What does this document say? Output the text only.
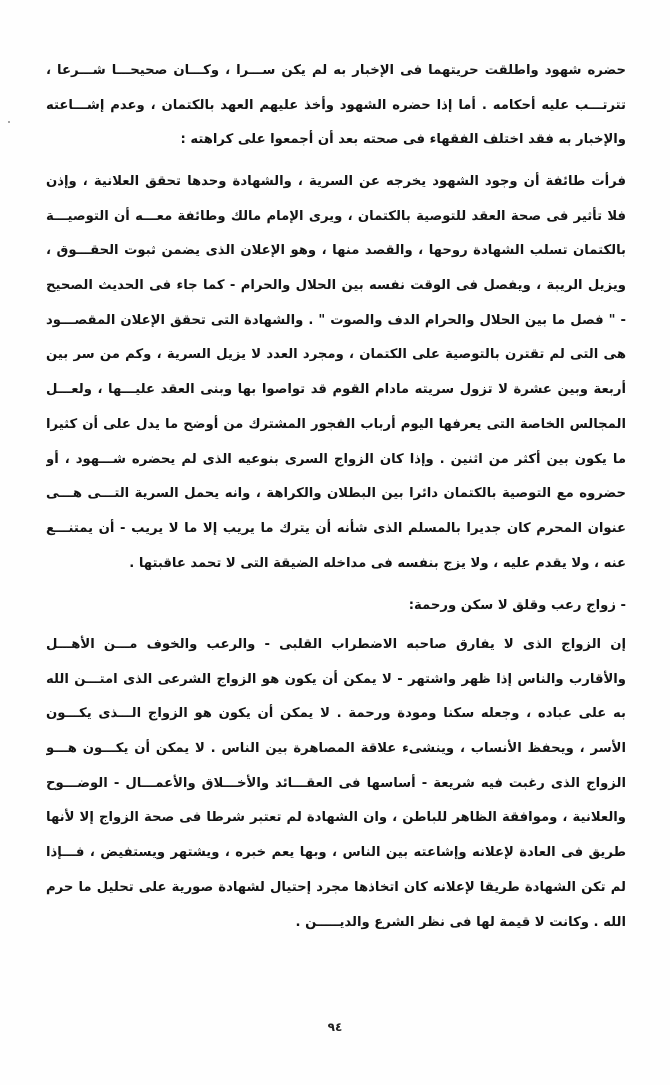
حضره شهود واطلقت حريتهما فى الإخبار به لم يكن ســـرا ، وكـــان صحيحـــا شـــرعا ،
تترتـــب عليه أحكامه . أما إذا حضره الشهود وأخذ عليهم العهد بالكتمان ، وعدم إشـــاعته
والإخبار به فقد اختلف الفقهاء فى صحته بعد أن أجمعوا على كراهته :
فرأت طائفة أن وجود الشهود يخرجه عن السرية ، والشهادة وحدها تحقق العلانية ، وإذن
فلا تأثير فى صحة العقد للتوصية بالكتمان ، ويرى الإمام مالك وطائفة معـــه أن التوصيـــة
بالكتمان تسلب الشهادة روحها ، والقصد منها ، وهو الإعلان الذى يضمن ثبوت الحقـــوق ،
ويزيل الريبة ، ويفصل فى الوقت نفسه بين الحلال والحرام - كما جاء فى الحديث الصحيح
- " فصل ما بين الحلال والحرام الدف والصوت " . والشهادة التى تحقق الإعلان المقصـــود
هى التى لم تقترن بالتوصية على الكتمان ، ومجرد العدد لا يزيل السرية ، وكم من سر بين
أربعة وبين عشرة لا تزول سريته مادام القوم قد تواصوا بها وبنى العقد عليـــها ، ولعـــل
المجالس الخاصة التى يعرفها اليوم أرباب الفجور المشترك من أوضح ما يدل على أن كثيرا
ما يكون بين أكثر من اثنين . وإذا كان الزواج السرى بنوعيه الذى لم يحضره شـــهود ، أو
حضروه مع التوصية بالكتمان دائرا بين البطلان والكراهة ، وانه يحمل السرية التـــى هـــى
عنوان المحرم كان جديرا بالمسلم الذى شأنه أن يترك ما يريب إلا ما لا يريب - أن يمتنـــع
عنه ، ولا يقدم عليه ، ولا يزج بنفسه فى مداخله الضيقة التى لا تحمد عاقبتها .
- زواج رعب وقلق لا سكن ورحمة:
إن الزواج الذى لا يفارق صاحبه الاضطراب القلبى - والرعب والخوف مـــن الأهـــل
والأقارب والناس إذا ظهر واشتهر - لا يمكن أن يكون هو الزواج الشرعى الذى امتـــن الله
به على عباده ، وجعله سكنا ومودة ورحمة . لا يمكن أن يكون هو الزواج الـــذى يكـــون
الأسر ، ويحفظ الأنساب ، وينشىء علاقة المصاهرة بين الناس . لا يمكن أن يكـــون هـــو
الزواج الذى رغبت فيه شريعة - أساسها فى العقـــائد والأخـــلاق والأعمـــال - الوضـــوح
والعلانية ، وموافقة الظاهر للباطن ، وان الشهادة لم تعتبر شرطا فى صحة الزواج إلا لأنها
طريق فى العادة لإعلانه وإشاعته بين الناس ، وبها يعم خبره ، ويشتهر ويستفيض ، فـــإذا
لم تكن الشهادة طريقا لإعلانه كان اتخاذها مجرد إحتيال لشهادة صورية على تحليل ما حرم
الله . وكانت لا قيمة لها فى نظر الشرع والديـــــن .
٩٤
